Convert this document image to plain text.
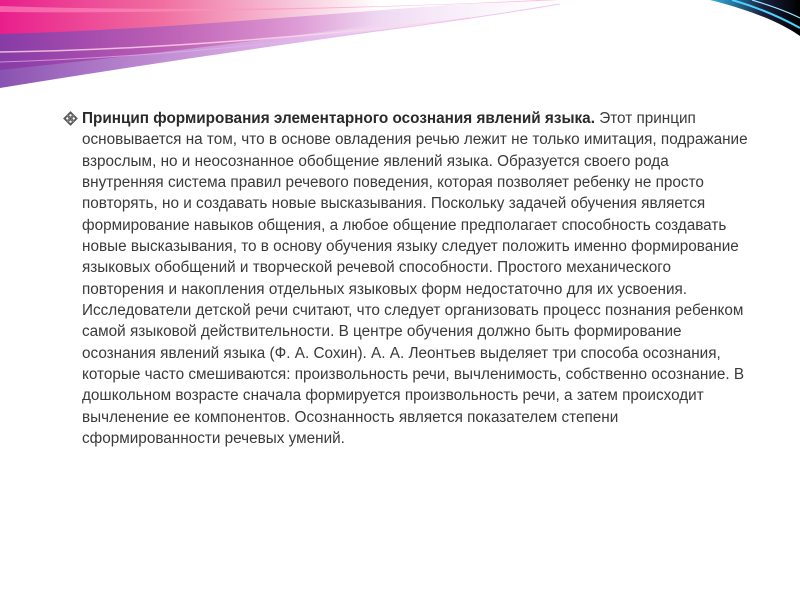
Принцип формирования элементарного осознания явлений языка. Этот принцип основывается на том, что в основе овладения речью лежит не только имитация, подражание взрослым, но и неосознанное обобщение явлений языка. Образуется своего рода внутренняя система правил речевого поведения, которая позволяет ребенку не просто повторять, но и создавать новые высказывания. Поскольку задачей обучения является формирование навыков общения, а любое общение предполагает способность создавать новые высказывания, то в основу обучения языку следует положить именно формирование языковых обобщений и творческой речевой способности. Простого механического повторения и накопления отдельных языковых форм недостаточно для их усвоения. Исследователи детской речи считают, что следует организовать процесс познания ребенком самой языковой действительности. В центре обучения должно быть формирование осознания явлений языка (Ф. А. Сохин). А. А. Леонтьев выделяет три способа осознания, которые часто смешиваются: произвольность речи, вычленимость, собственно осознание. В дошкольном возрасте сначала формируется произвольность речи, а затем происходит вычленение ее компонентов. Осознанность является показателем степени сформированности речевых умений.
